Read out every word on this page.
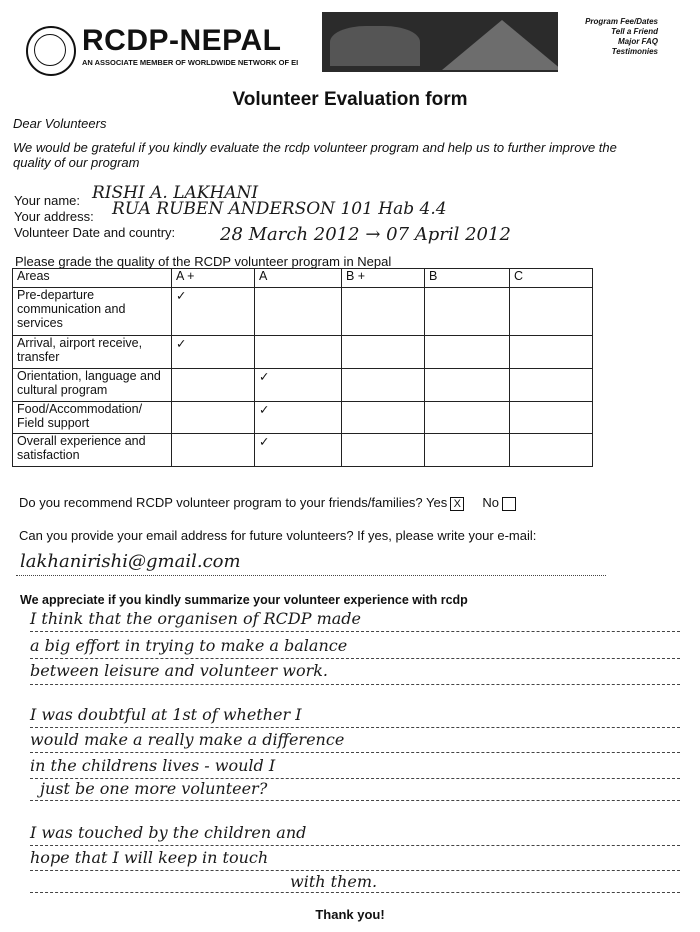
RCDP-NEPAL
AN ASSOCIATE MEMBER OF WORLDWIDE NETWORK OF EI
Program Fee/Dates
Tell a Friend
Major FAQ
Testimonies
Volunteer Evaluation form
Dear Volunteers
We would be grateful if you kindly evaluate the rcdp volunteer program and help us to further improve the quality of our program
Your name: RISHI A. LAKHANI
Your address: RUA RUBEN ANDERSON 101 Hab 4.4
Volunteer Date and country: 28 March 2012 → 07 April 2012
Please grade the quality of the RCDP volunteer program in Nepal
Areas	A +	A	B +	B	C
Pre-departure communication and services	✓				
Arrival, airport receive, transfer	✓				
Orientation, language and cultural program		✓			
Food/Accommodation/ Field support		✓			
Overall experience and satisfaction		✓			
Do you recommend RCDP volunteer program to your friends/families? Yes X No
Can you provide your email address for future volunteers? If yes, please write your e-mail:
lakhanirishi@gmail.com
We appreciate if you kindly summarize your volunteer experience with rcdp
I think that the organisen of RCDP made
a big effort in trying to make a balance
between leisure and volunteer work.
I was doubtful at 1st of whether I
would make a really make a difference
in the childrens lives - would I
just be one more volunteer?
I was touched by the children and
hope that I will keep in touch
with them.
Thank you!
